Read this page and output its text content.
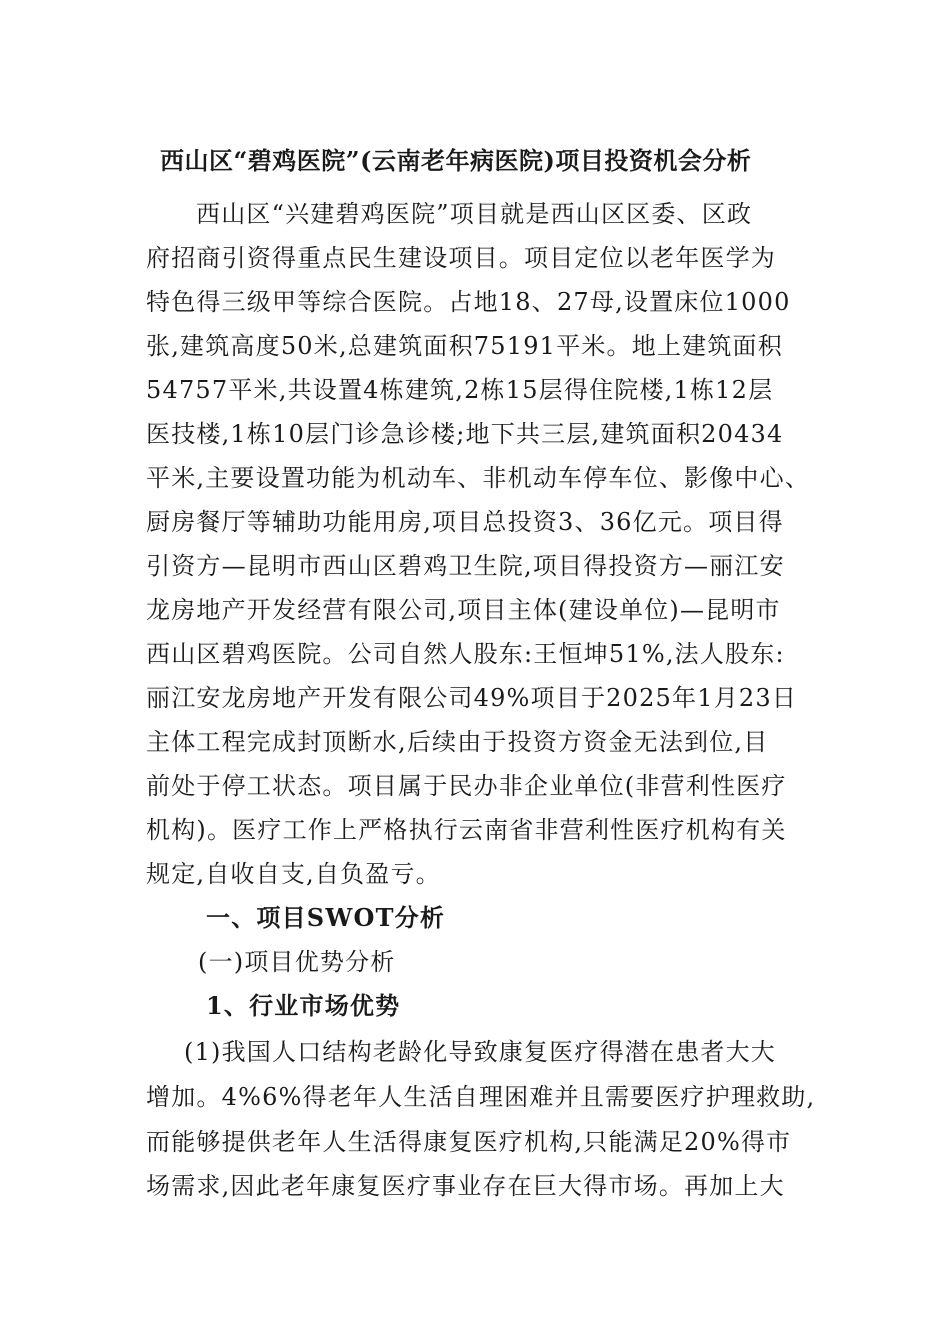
西山区“碧鸡医院”(云南老年病医院)项目投资机会分析
西山区“兴建碧鸡医院”项目就是西山区区委、区政
府招商引资得重点民生建设项目。项目定位以老年医学为
特色得三级甲等综合医院。占地18、27母,设置床位1000
张,建筑高度50米,总建筑面积75191平米。地上建筑面积
54757平米,共设置4栋建筑,2栋15层得住院楼,1栋12层
医技楼,1栋10层门诊急诊楼;地下共三层,建筑面积20434
平米,主要设置功能为机动车、非机动车停车位、影像中心、
厨房餐厅等辅助功能用房,项目总投资3、36亿元。项目得
引资方—昆明市西山区碧鸡卫生院,项目得投资方—丽江安
龙房地产开发经营有限公司,项目主体(建设单位)—昆明市
西山区碧鸡医院。公司自然人股东:王恒坤51%,法人股东:
丽江安龙房地产开发有限公司49%项目于2025年1月23日
主体工程完成封顶断水,后续由于投资方资金无法到位,目
前处于停工状态。项目属于民办非企业单位(非营利性医疗
机构)。医疗工作上严格执行云南省非营利性医疗机构有关
规定,自收自支,自负盈亏。
一、项目SWOT分析
(一)项目优势分析
1、行业市场优势
(1)我国人口结构老龄化导致康复医疗得潜在患者大大
增加。4%6%得老年人生活自理困难并且需要医疗护理救助,
而能够提供老年人生活得康复医疗机构,只能满足20%得市
场需求,因此老年康复医疗事业存在巨大得市场。再加上大
